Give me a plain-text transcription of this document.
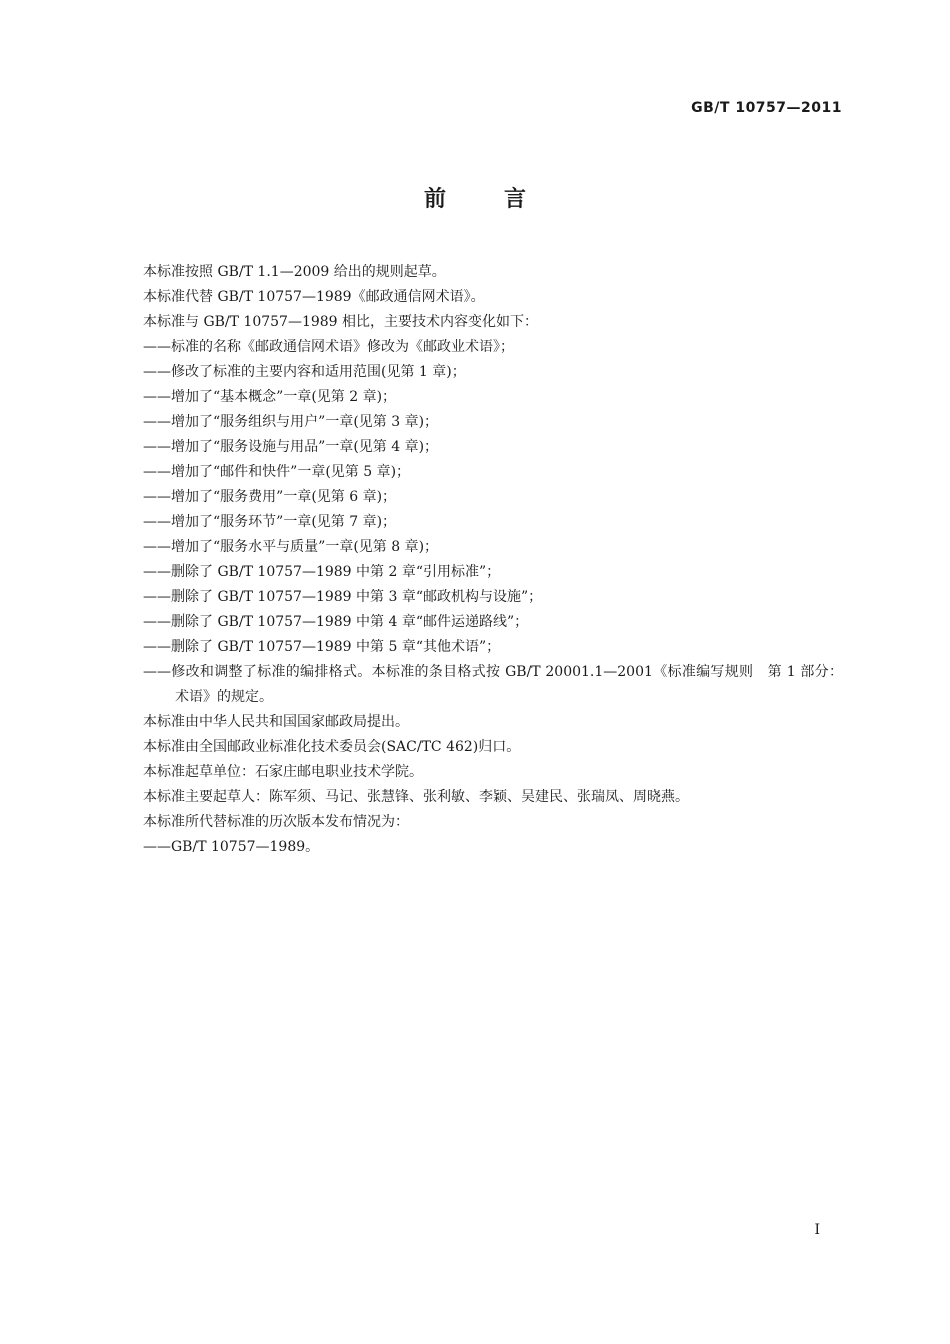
GB/T 10757—2011
前言
本标准按照 GB/T 1.1—2009 给出的规则起草。
本标准代替 GB/T 10757—1989《邮政通信网术语》。
本标准与 GB/T 10757—1989 相比，主要技术内容变化如下：
——标准的名称《邮政通信网术语》修改为《邮政业术语》；
——修改了标准的主要内容和适用范围(见第 1 章)；
——增加了“基本概念”一章(见第 2 章)；
——增加了“服务组织与用户”一章(见第 3 章)；
——增加了“服务设施与用品”一章(见第 4 章)；
——增加了“邮件和快件”一章(见第 5 章)；
——增加了“服务费用”一章(见第 6 章)；
——增加了“服务环节”一章(见第 7 章)；
——增加了“服务水平与质量”一章(见第 8 章)；
——删除了 GB/T 10757—1989 中第 2 章“引用标准”；
——删除了 GB/T 10757—1989 中第 3 章“邮政机构与设施”；
——删除了 GB/T 10757—1989 中第 4 章“邮件运递路线”；
——删除了 GB/T 10757—1989 中第 5 章“其他术语”；
——修改和调整了标准的编排格式。本标准的条目格式按 GB/T 20001.1—2001《标准编写规则　第 1 部分：术语》的规定。
本标准由中华人民共和国国家邮政局提出。
本标准由全国邮政业标准化技术委员会(SAC/TC 462)归口。
本标准起草单位：石家庄邮电职业技术学院。
本标准主要起草人：陈军须、马记、张慧锋、张利敏、李颖、吴建民、张瑞凤、周晓燕。
本标准所代替标准的历次版本发布情况为：
——GB/T 10757—1989。
I
